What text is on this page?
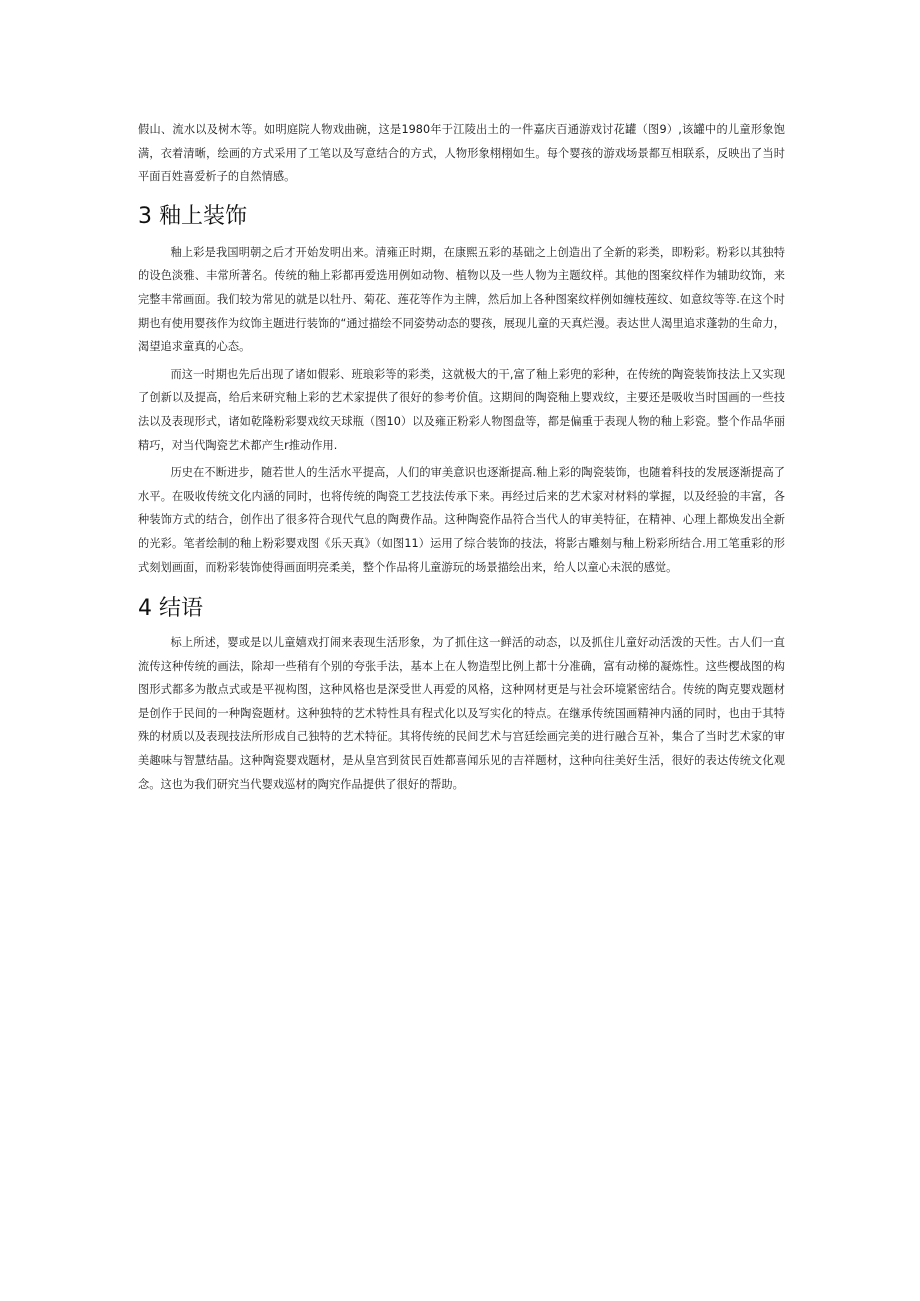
假山、流水以及树木等。如明庭院人物戏曲碗，这是1980年于江陵出土的一件嘉庆百通游戏讨花罐（图9）,该罐中的儿童形象饱满，衣着清晰，绘画的方式采用了工笔以及写意结合的方式，人物形象栩栩如生。每个婴孩的游戏场景都互相联系，反映出了当时平面百姓喜爱析子的自然情感。

3 釉上装饰

釉上彩是我国明朝之后才开始发明出来。清雍正时期，在康熙五彩的基础之上创造出了全新的彩类，即粉彩。粉彩以其独特的设色淡雅、丰常所著名。传统的釉上彩都再爱选用例如动物、植物以及一些人物为主题纹样。其他的图案纹样作为辅助纹饰，来完整丰常画面。我们较为常见的就是以牡丹、菊花、莲花等作为主牌，然后加上各种图案纹样例如缠枝莲纹、如意纹等等.在这个时期也有使用婴孩作为纹饰主题进行装饰的“通过描绘不同姿势动态的婴孩，展现儿童的天真烂漫。表达世人渴里追求蓬勃的生命力，渴望追求童真的心态。

而这一时期也先后出现了诸如假彩、班琅彩等的彩类，这就极大的干,富了釉上彩兜的彩种，在传统的陶瓷装饰技法上又实现了创新以及提高，给后来研究釉上彩的艺术家提供了很好的参考价值。这期间的陶瓷釉上婴戏纹，主要还是吸收当时国画的一些技法以及表现形式，诸如乾隆粉彩婴戏纹天球瓶（图10）以及雍正粉彩人物图盘等，都是偏重于表现人物的釉上彩瓷。整个作品华丽精巧，对当代陶瓷艺术都产生r推动作用.

历史在不断进步，随若世人的生活水平提高，人们的审美意识也逐渐提高.釉上彩的陶瓷装饰，也随着科技的发展逐渐提高了水平。在吸收传统文化内涵的同时，也将传统的陶瓷工艺技法传承下来。再经过后来的艺术家对材料的掌握，以及经验的丰富，各种装饰方式的结合，创作出了很多符合现代气息的陶费作品。这种陶瓷作品符合当代人的审美特征，在精神、心理上都焕发出全新的光彩。笔者绘制的釉上粉彩婴戏图《乐天真》（如图11）运用了综合装饰的技法，将影古雕刻与釉上粉彩所结合.用工笔重彩的形式刻划画面，而粉彩装饰使得画面明亮柔美，整个作品将儿童游玩的场景描绘出来，给人以童心未泯的感觉。

4 结语

标上所述，婴或是以儿童嬉戏打闹来表现生活形象，为了抓住这一鲜活的动态，以及抓住儿童好动活泼的天性。古人们一直流传这种传统的画法，除却一些稍有个别的夸张手法，基本上在人物造型比例上都十分准确，富有动梯的凝炼性。这些樱战图的构图形式都多为散点式或是平视构图，这种风格也是深受世人再爱的风格，这种网材更是与社会环境紧密结合。传统的陶克婴戏题材是创作于民间的一种陶瓷题材。这种独特的艺术特性具有程式化以及写实化的特点。在继承传统国画精神内涵的同时，也由于其特殊的材质以及表现技法所形成自己独特的艺术特征。其将传统的民间艺术与宫廷绘画完美的进行融合互补，集合了当时艺术家的审美趣味与智慧结晶。这种陶瓷婴戏题材，是从皇宫到贫民百姓都喜闻乐见的吉祥题材，这种向往美好生活，很好的表达传统文化观念。这也为我们研究当代婴戏巡材的陶究作品提供了很好的帮助。
